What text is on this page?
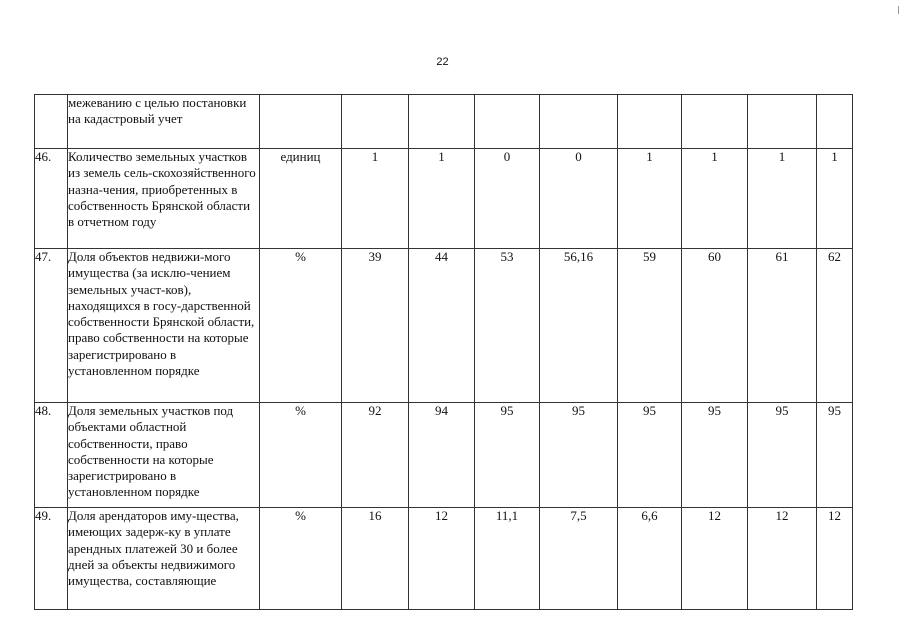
22
	межеванию с целью постановки на кадастровый учет									
46.	Количество земельных участков из земель сель-скохозяйственного назна-чения, приобретенных в собственность Брянской области в отчетном году	единиц	1	1	0	0	1	1	1	1
47.	Доля объектов недвижи-мого имущества (за исклю-чением земельных участ-ков), находящихся в госу-дарственной собственности Брянской области, право собственности на которые зарегистрировано в установленном порядке	%	39	44	53	56,16	59	60	61	62
48.	Доля земельных участков под объектами областной собственности, право собственности на которые зарегистрировано в установленном порядке	%	92	94	95	95	95	95	95	95
49.	Доля арендаторов иму-щества, имеющих задерж-ку в уплате арендных платежей 30 и более дней за объекты недвижимого имущества, составляющие	%	16	12	11,1	7,5	6,6	12	12	12
